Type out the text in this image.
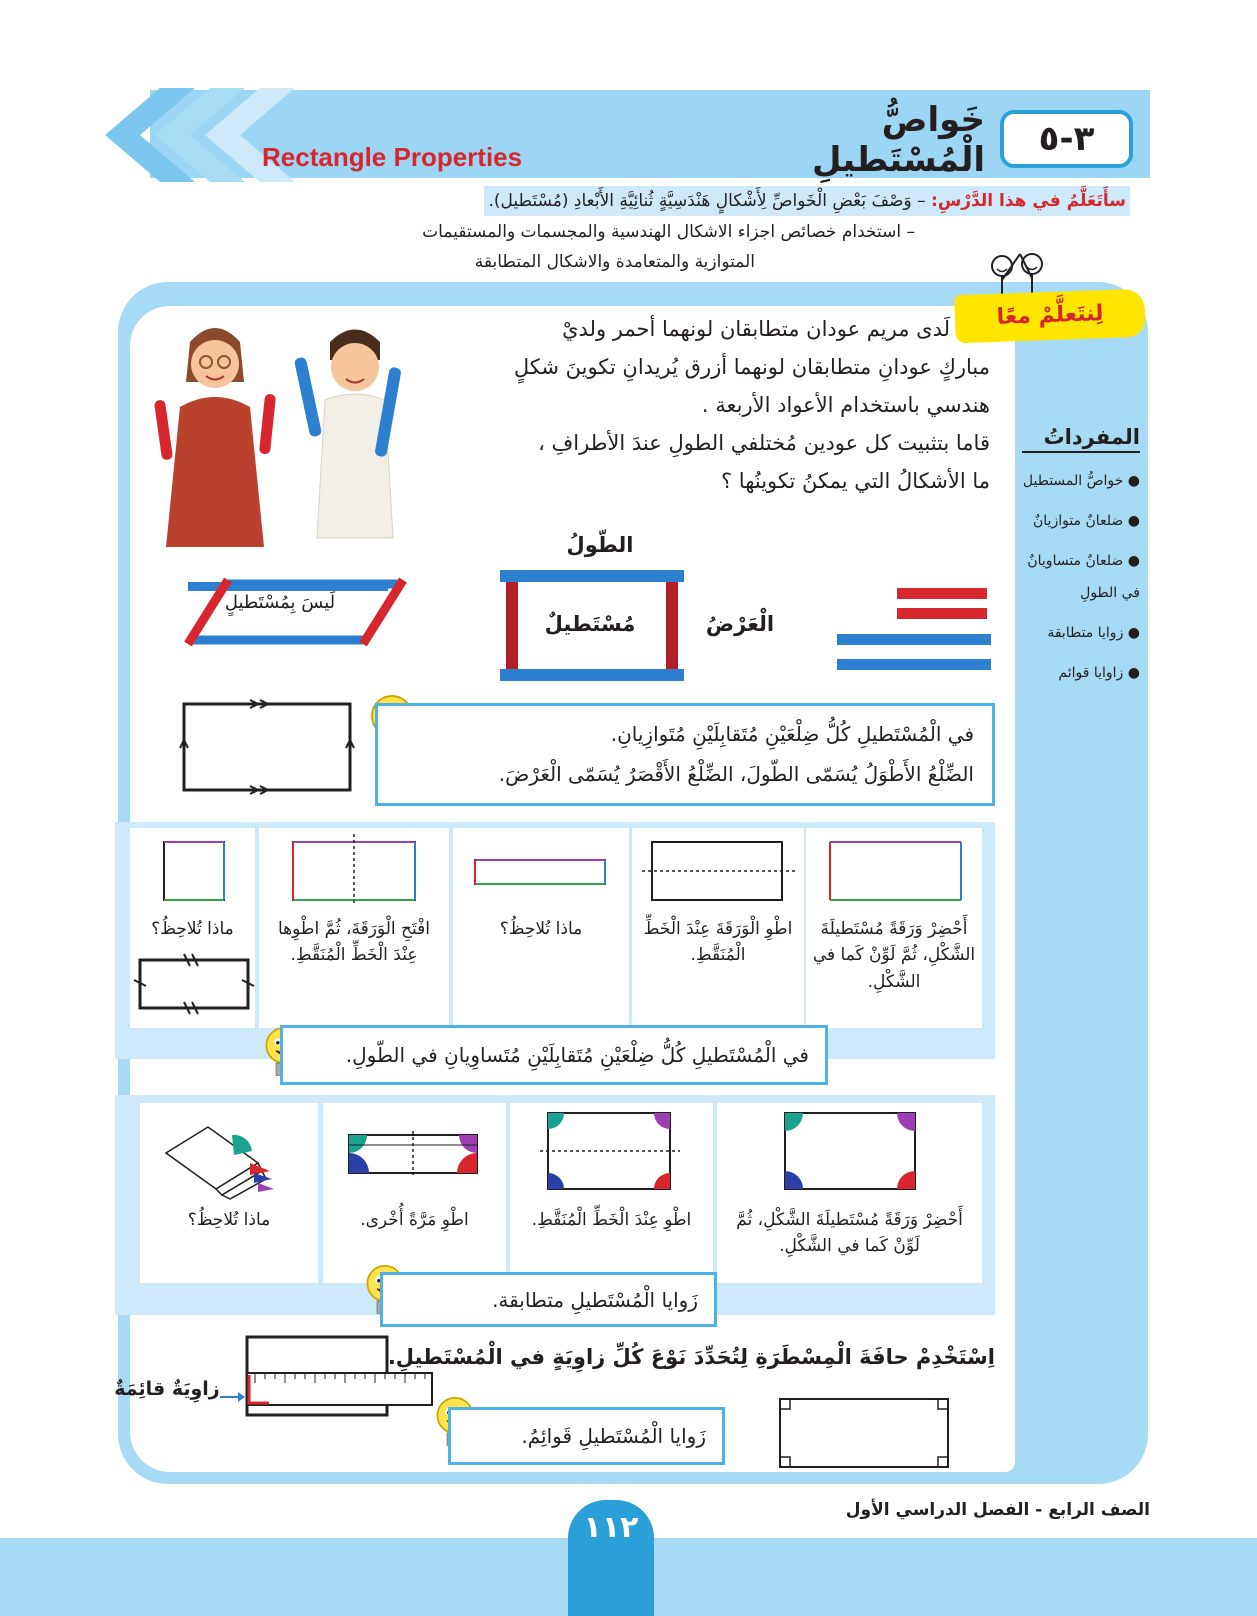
٣-٥
خَواصُّ الْمُسْتَطيلِ
Rectangle Properties
سأَتَعَلَّمُ في هذا الدَّرْسِ: – وَصْفَ بَعْضِ الْخَواصِّ لِأَشْكالٍ هَنْدَسِيَّةٍ ثُنائِيَّةِ الأَبْعادِ (مُسْتَطيل).
– استخدام خصائص اجزاء الاشكال الهندسية والمجسمات والمستقيمات
المتوازية والمتعامدة والاشكال المتطابقة
لِنتَعلَّمْ معًا
المفرداتُ
● خواصُّ المستطيل
● ضلعانٌ متوازيانٌ
● ضلعانٌ متساويانٌ
في الطولِ
● زوايا متطابقة
● زاوايا قوائم
لَدى مريم عودان متطابقان لونهما أحمر ولديْ
مباركٍ عودانِ متطابقان لونهما أزرق يُريدانِ تكوينَ شكلٍ
هندسي باستخدام الأعواد الأربعة .
قاما بتثبيت كل عودين مُختلفي الطولِ عندَ الأطرافِ ،
ما الأشكالُ التي يمكنُ تكوينُها ؟
لَيسَ بِمُسْتَطيلٍ
الطّولُ
مُسْتَطيلٌ	الْعَرْضُ
في الْمُسْتَطيلِ كُلُّ ضِلْعَيْنِ مُتَقابِلَيْنِ مُتَوازِيانِ.
الضِّلْعُ الأَطْوَلُ يُسَمّى الطّولَ، الضِّلْعُ الأَقْصَرُ يُسَمّى الْعَرْضَ.
أَحْضِرْ وَرَقَةً مُسْتَطيلَةَ الشَّكْلِ، ثُمَّ لَوِّنْ كَما في الشَّكْلِ.
اطْوِ الْوَرَقَةَ عِنْدَ الْخَطِّ الْمُنَقَّطِ.
ماذا تُلاحِظُ؟
افْتَحِ الْوَرَقَةَ، ثُمَّ اطْوِها عِنْدَ الْخَطِّ الْمُنَقَّطِ.
ماذا تُلاحِظُ؟
في الْمُسْتَطيلِ كُلُّ ضِلْعَيْنِ مُتَقابِلَيْنِ مُتَساوِيانِ في الطّولِ.
أَحْضِرْ وَرَقَةً مُسْتَطيلَةَ الشَّكْلِ، ثُمَّ لَوِّنْ كَما في الشَّكْلِ.
اطْوِ عِنْدَ الْخَطِّ الْمُنَقَّطِ.
اطْوِ مَرَّةً أُخْرى.
ماذا تُلاحِظُ؟
زَوايا الْمُسْتَطيلِ متطابقة.
اِسْتَخْدِمْ حافَةَ الْمِسْطَرَةِ لِتُحَدِّدَ نَوْعَ كُلِّ زاوِيَةٍ في الْمُسْتَطيلِ.
زاوِيَةٌ قائِمَةٌ
زَوايا الْمُسْتَطيلِ قَوائِمُ.
١١٢	الصف الرابع - الفصل الدراسي الأول
